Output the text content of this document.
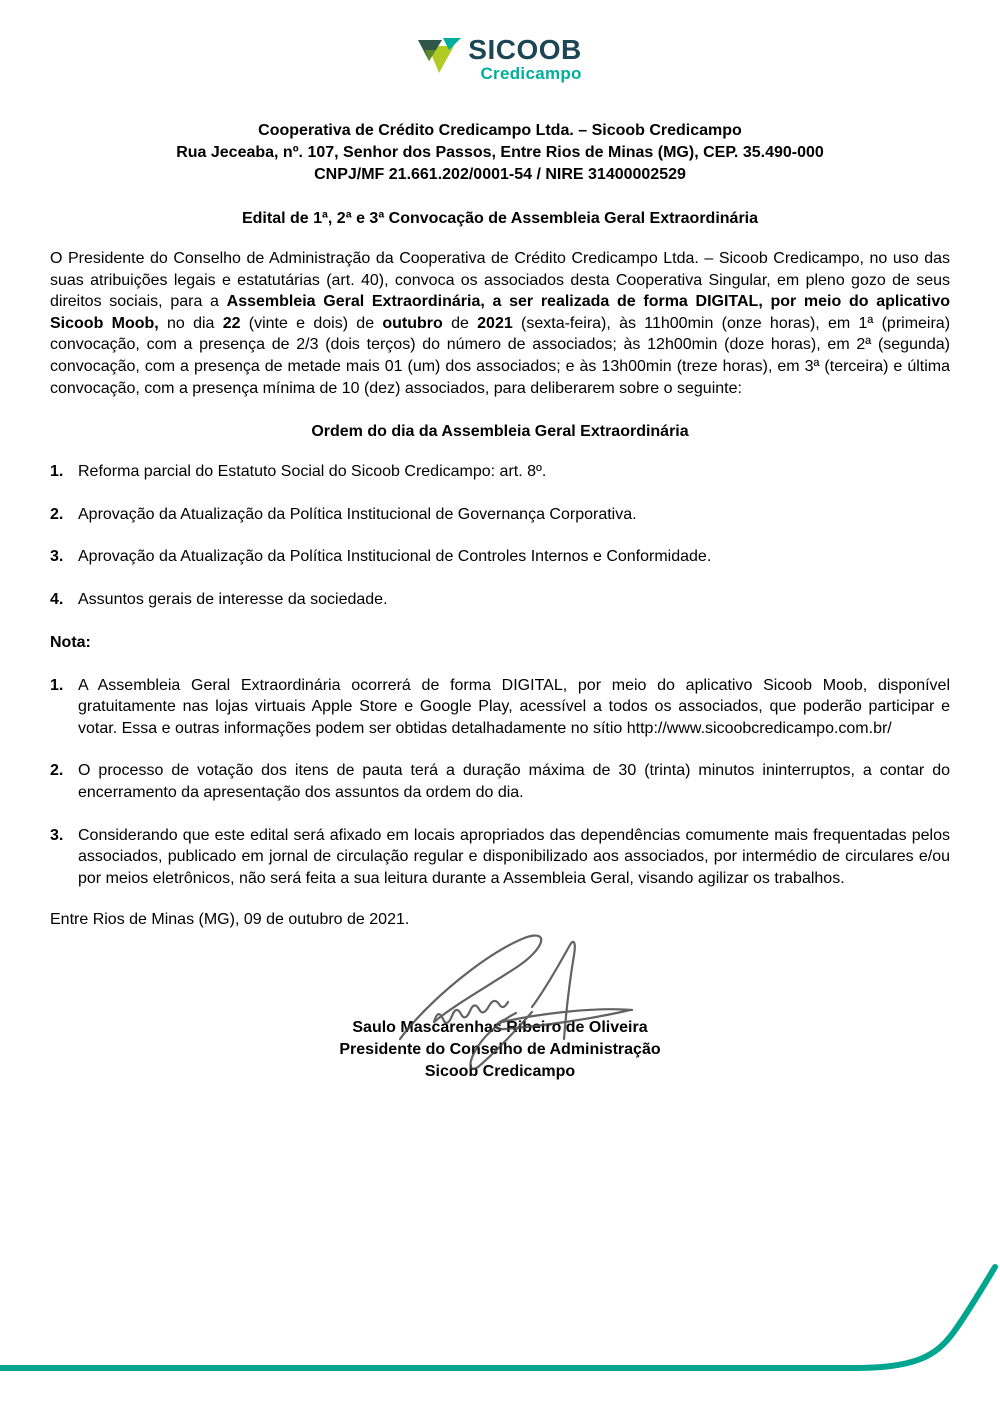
SICOOB
Credicampo
Cooperativa de Crédito Credicampo Ltda. – Sicoob Credicampo
Rua Jeceaba, nº. 107, Senhor dos Passos, Entre Rios de Minas (MG), CEP. 35.490-000
CNPJ/MF 21.661.202/0001-54 / NIRE 31400002529
Edital de 1ª, 2ª e 3ª Convocação de Assembleia Geral Extraordinária

O Presidente do Conselho de Administração da Cooperativa de Crédito Credicampo Ltda. – Sicoob Credicampo, no uso das suas atribuições legais e estatutárias (art. 40), convoca os associados desta Cooperativa Singular, em pleno gozo de seus direitos sociais, para a Assembleia Geral Extraordinária, a ser realizada de forma DIGITAL, por meio do aplicativo Sicoob Moob, no dia 22 (vinte e dois) de outubro de 2021 (sexta-feira), às 11h00min (onze horas), em 1ª (primeira) convocação, com a presença de 2/3 (dois terços) do número de associados; às 12h00min (doze horas), em 2ª (segunda) convocação, com a presença de metade mais 01 (um) dos associados; e às 13h00min (treze horas), em 3ª (terceira) e última convocação, com a presença mínima de 10 (dez) associados, para deliberarem sobre o seguinte:

Ordem do dia da Assembleia Geral Extraordinária
1. Reforma parcial do Estatuto Social do Sicoob Credicampo: art. 8º.
2. Aprovação da Atualização da Política Institucional de Governança Corporativa.
3. Aprovação da Atualização da Política Institucional de Controles Internos e Conformidade.
4. Assuntos gerais de interesse da sociedade.
Nota:
1. A Assembleia Geral Extraordinária ocorrerá de forma DIGITAL, por meio do aplicativo Sicoob Moob, disponível gratuitamente nas lojas virtuais Apple Store e Google Play, acessível a todos os associados, que poderão participar e votar. Essa e outras informações podem ser obtidas detalhadamente no sítio http://www.sicoobcredicampo.com.br/
2. O processo de votação dos itens de pauta terá a duração máxima de 30 (trinta) minutos ininterruptos, a contar do encerramento da apresentação dos assuntos da ordem do dia.
3. Considerando que este edital será afixado em locais apropriados das dependências comumente mais frequentadas pelos associados, publicado em jornal de circulação regular e disponibilizado aos associados, por intermédio de circulares e/ou por meios eletrônicos, não será feita a sua leitura durante a Assembleia Geral, visando agilizar os trabalhos.
Entre Rios de Minas (MG), 09 de outubro de 2021.
Saulo Mascarenhas Ribeiro de Oliveira
Presidente do Conselho de Administração
Sicoob Credicampo
